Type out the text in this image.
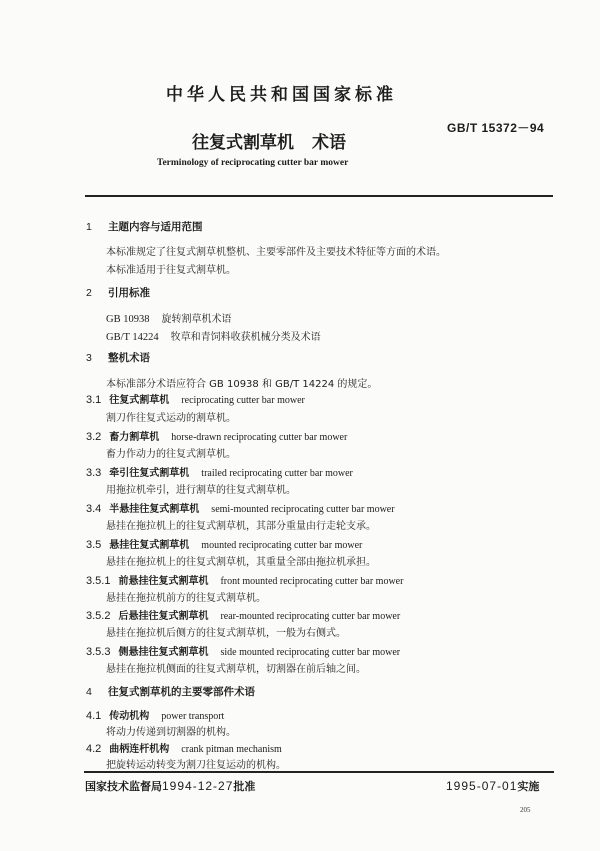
中华人民共和国国家标准
GB/T 15372－94
往复式割草机 术语
Terminology of reciprocating cutter bar mower
1 主题内容与适用范围
本标准规定了往复式割草机整机、主要零部件及主要技术特征等方面的术语。
本标准适用于往复式割草机。
2 引用标准
GB 10938 旋转割草机术语
GB/T 14224 牧草和青饲料收获机械分类及术语
3 整机术语
本标准部分术语应符合 GB 10938 和 GB/T 14224 的规定。
3.1 往复式割草机 reciprocating cutter bar mower
割刀作往复式运动的割草机。
3.2 畜力割草机 horse-drawn reciprocating cutter bar mower
畜力作动力的往复式割草机。
3.3 牵引往复式割草机 trailed reciprocating cutter bar mower
用拖拉机牵引，进行割草的往复式割草机。
3.4 半悬挂往复式割草机 semi-mounted reciprocating cutter bar mower
悬挂在拖拉机上的往复式割草机，其部分重量由行走轮支承。
3.5 悬挂往复式割草机 mounted reciprocating cutter bar mower
悬挂在拖拉机上的往复式割草机，其重量全部由拖拉机承担。
3.5.1 前悬挂往复式割草机 front mounted reciprocating cutter bar mower
悬挂在拖拉机前方的往复式割草机。
3.5.2 后悬挂往复式割草机 rear-mounted reciprocating cutter bar mower
悬挂在拖拉机后侧方的往复式割草机，一般为右侧式。
3.5.3 侧悬挂往复式割草机 side mounted reciprocating cutter bar mower
悬挂在拖拉机侧面的往复式割草机，切割器在前后轴之间。
4 往复式割草机的主要零部件术语
4.1 传动机构 power transport
将动力传递到切割器的机构。
4.2 曲柄连杆机构 crank pitman mechanism
把旋转运动转变为割刀往复运动的机构。
国家技术监督局1994-12-27批准	1995-07-01实施
205
